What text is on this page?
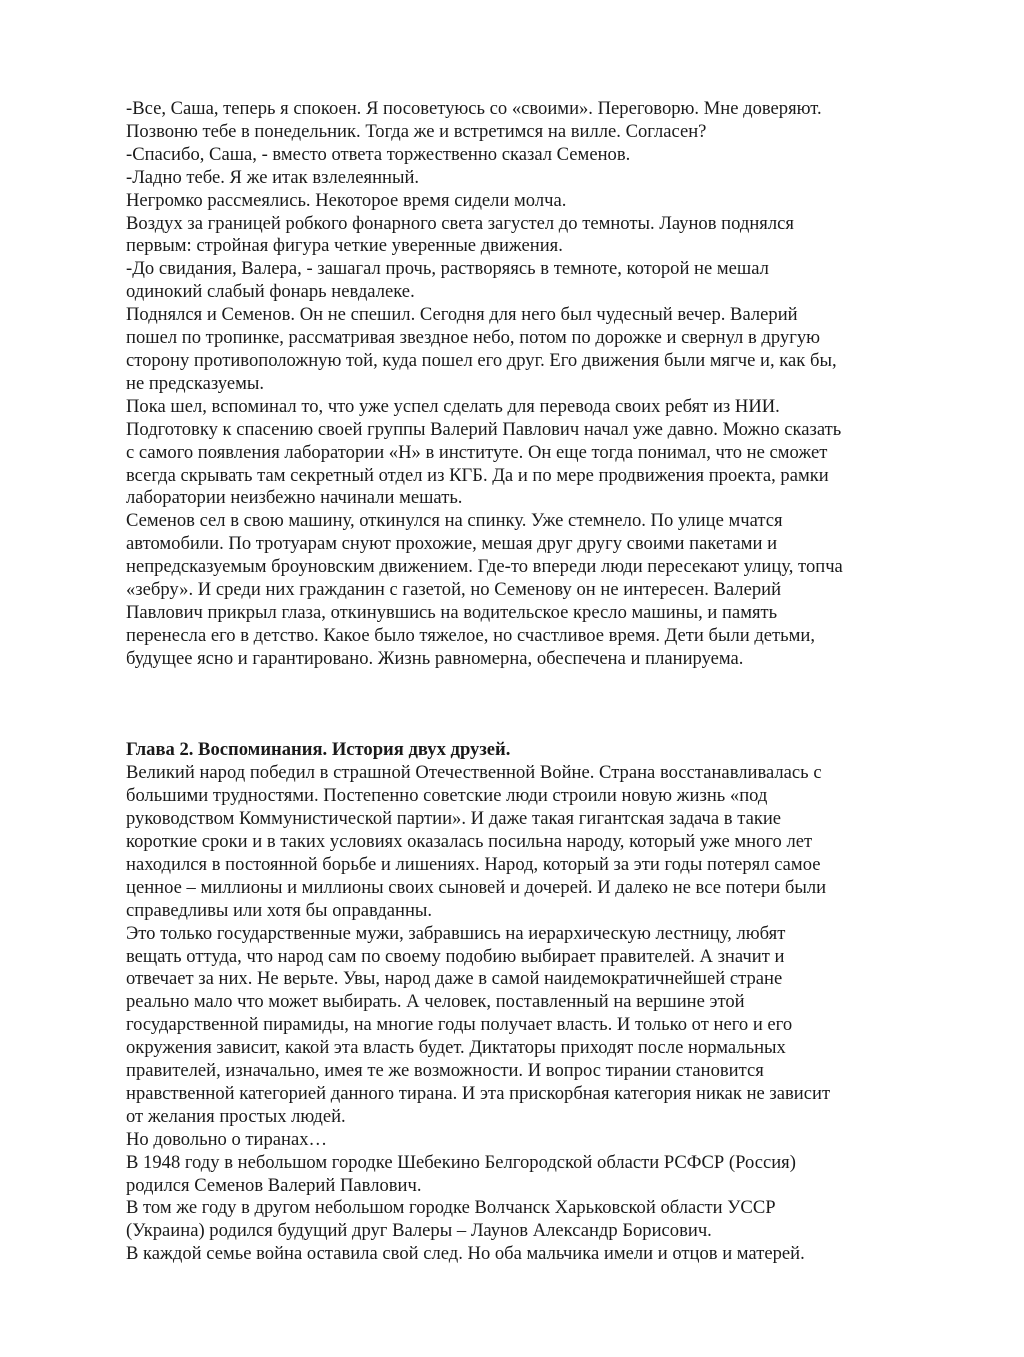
-Все, Саша, теперь я спокоен. Я посоветуюсь со «своими». Переговорю. Мне доверяют.
Позвоню тебе в понедельник. Тогда же и встретимся на вилле. Согласен?
-Спасибо, Саша, - вместо ответа торжественно сказал Семенов.
-Ладно тебе. Я же итак взлелеянный.
Негромко рассмеялись. Некоторое время сидели молча.
Воздух за границей робкого фонарного света загустел до темноты. Лаунов поднялся
первым: стройная фигура четкие уверенные движения.
-До свидания, Валера, - зашагал прочь, растворяясь в темноте, которой не мешал
одинокий слабый фонарь невдалеке.
Поднялся и Семенов. Он не спешил. Сегодня для него был чудесный вечер. Валерий
пошел по тропинке, рассматривая звездное небо, потом по дорожке и свернул в другую
сторону противоположную той, куда пошел его друг. Его движения были мягче и, как бы,
не предсказуемы.
Пока шел, вспоминал то, что уже успел сделать для перевода своих ребят из НИИ.
Подготовку к спасению своей группы Валерий Павлович начал уже давно. Можно сказать
с самого появления лаборатории «Н» в институте. Он еще тогда понимал, что не сможет
всегда скрывать там секретный отдел из КГБ. Да и по мере продвижения проекта, рамки
лаборатории неизбежно начинали мешать.
Семенов сел в свою машину, откинулся на спинку. Уже стемнело. По улице мчатся
автомобили. По тротуарам снуют прохожие, мешая друг другу своими пакетами и
непредсказуемым броуновским движением. Где-то впереди люди пересекают улицу, топча
«зебру». И среди них гражданин с газетой, но Семенову он не интересен. Валерий
Павлович прикрыл глаза, откинувшись на водительское кресло машины, и память
перенесла его в детство. Какое было тяжелое, но счастливое время. Дети были детьми,
будущее ясно и гарантировано. Жизнь равномерна, обеспечена и планируема.
Глава 2. Воспоминания. История двух друзей.
Великий народ победил в страшной Отечественной Войне. Страна восстанавливалась с
большими трудностями. Постепенно советские люди строили новую жизнь «под
руководством Коммунистической партии». И даже такая гигантская задача в такие
короткие сроки и в таких условиях оказалась посильна народу, который уже много лет
находился в постоянной борьбе и лишениях. Народ, который за эти годы потерял самое
ценное – миллионы и миллионы своих сыновей и дочерей. И далеко не все потери были
справедливы или хотя бы оправданны.
Это только государственные мужи, забравшись на иерархическую лестницу, любят
вещать оттуда, что народ сам по своему подобию выбирает правителей. А значит и
отвечает за них. Не верьте. Увы, народ даже в самой наидемократичнейшей стране
реально мало что может выбирать. А человек, поставленный на вершине этой
государственной пирамиды, на многие годы получает власть. И только от него и его
окружения зависит, какой эта власть будет. Диктаторы приходят после нормальных
правителей, изначально, имея те же возможности. И вопрос тирании становится
нравственной категорией данного тирана. И эта прискорбная категория никак не зависит
от желания простых людей.
Но довольно о тиранах…
В 1948 году в небольшом городке Шебекино Белгородской области РСФСР (Россия)
родился Семенов Валерий Павлович.
В том же году в другом небольшом городке Волчанск Харьковской области УССР
(Украина) родился будущий друг Валеры – Лаунов Александр Борисович.
В каждой семье война оставила свой след. Но оба мальчика имели и отцов и матерей.
